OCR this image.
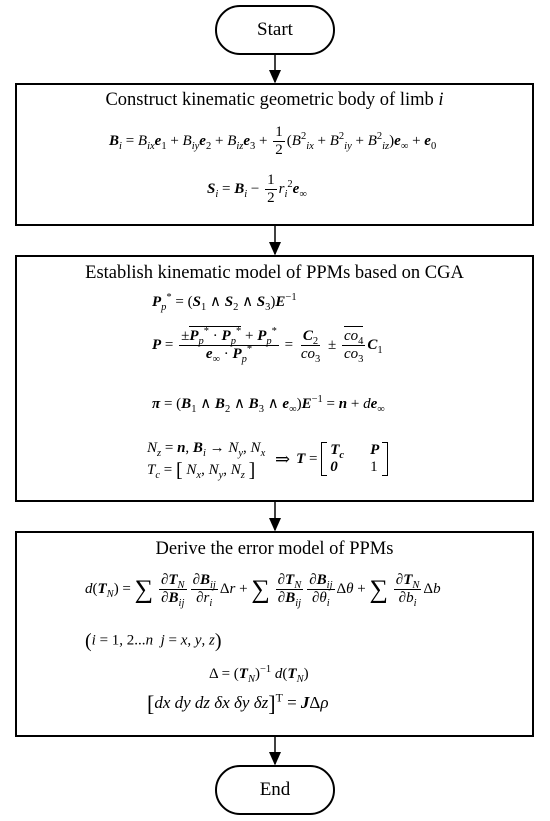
Start
Construct kinematic geometric body of limb i
$B_i = B_{ix}e_1 + B_{iy}e_2 + B_{iz}e_3 + \frac{1}{2} (B^2_{ix} + B^2_{iy} + B^2_{iz})e_\infty + e_0$
$S_i = B_i - \frac{1}{2} r_i^2e_\infty$
Establish kinematic model of PPMs based on CGA
$P_p^* = (S_1$ ∧ $S_2$ ∧ $S_3)E^{-1}$
$P = \frac{\pm P_p^* \cdot P_p^* + P_p^*}{e_\infty \cdot P_p^*} = \frac{C_2}{co_3} \pm \frac{co_4}{co_3} C_1$
$\pi = (B_1$ ∧ $B_2$ ∧ $B_3$ ∧ $e_\infty)E^{-1} = n + de_\infty$
$N_z = n$, $B_i \to N_y$, $N_x$
$T_c$ = [ $N_x$, $N_y$, $N_z$ ]
⇒ T =
$T_c$ P
0	1
Derive the error model of PPMs
$d(T_N)$ = ∑ $\frac{\partial T_N}{\partial B_{ij}} \frac{\partial B_{ij}}{\partial r_i}$ Δr + ∑ $\frac{\partial T_N}{\partial B_{ij}} \frac{\partial B_{ij}}{\partial\theta_i}$ Δθ + ∑ $\frac{\partial T_N}{\partial b_i}$ Δb
(i = 1, 2...n j = x, y, z)
$\Delta = (T_N)^{-1}$ $d(T_N)$
[dx dy dz δx δy δz]$^T$ = JΔρ
End
